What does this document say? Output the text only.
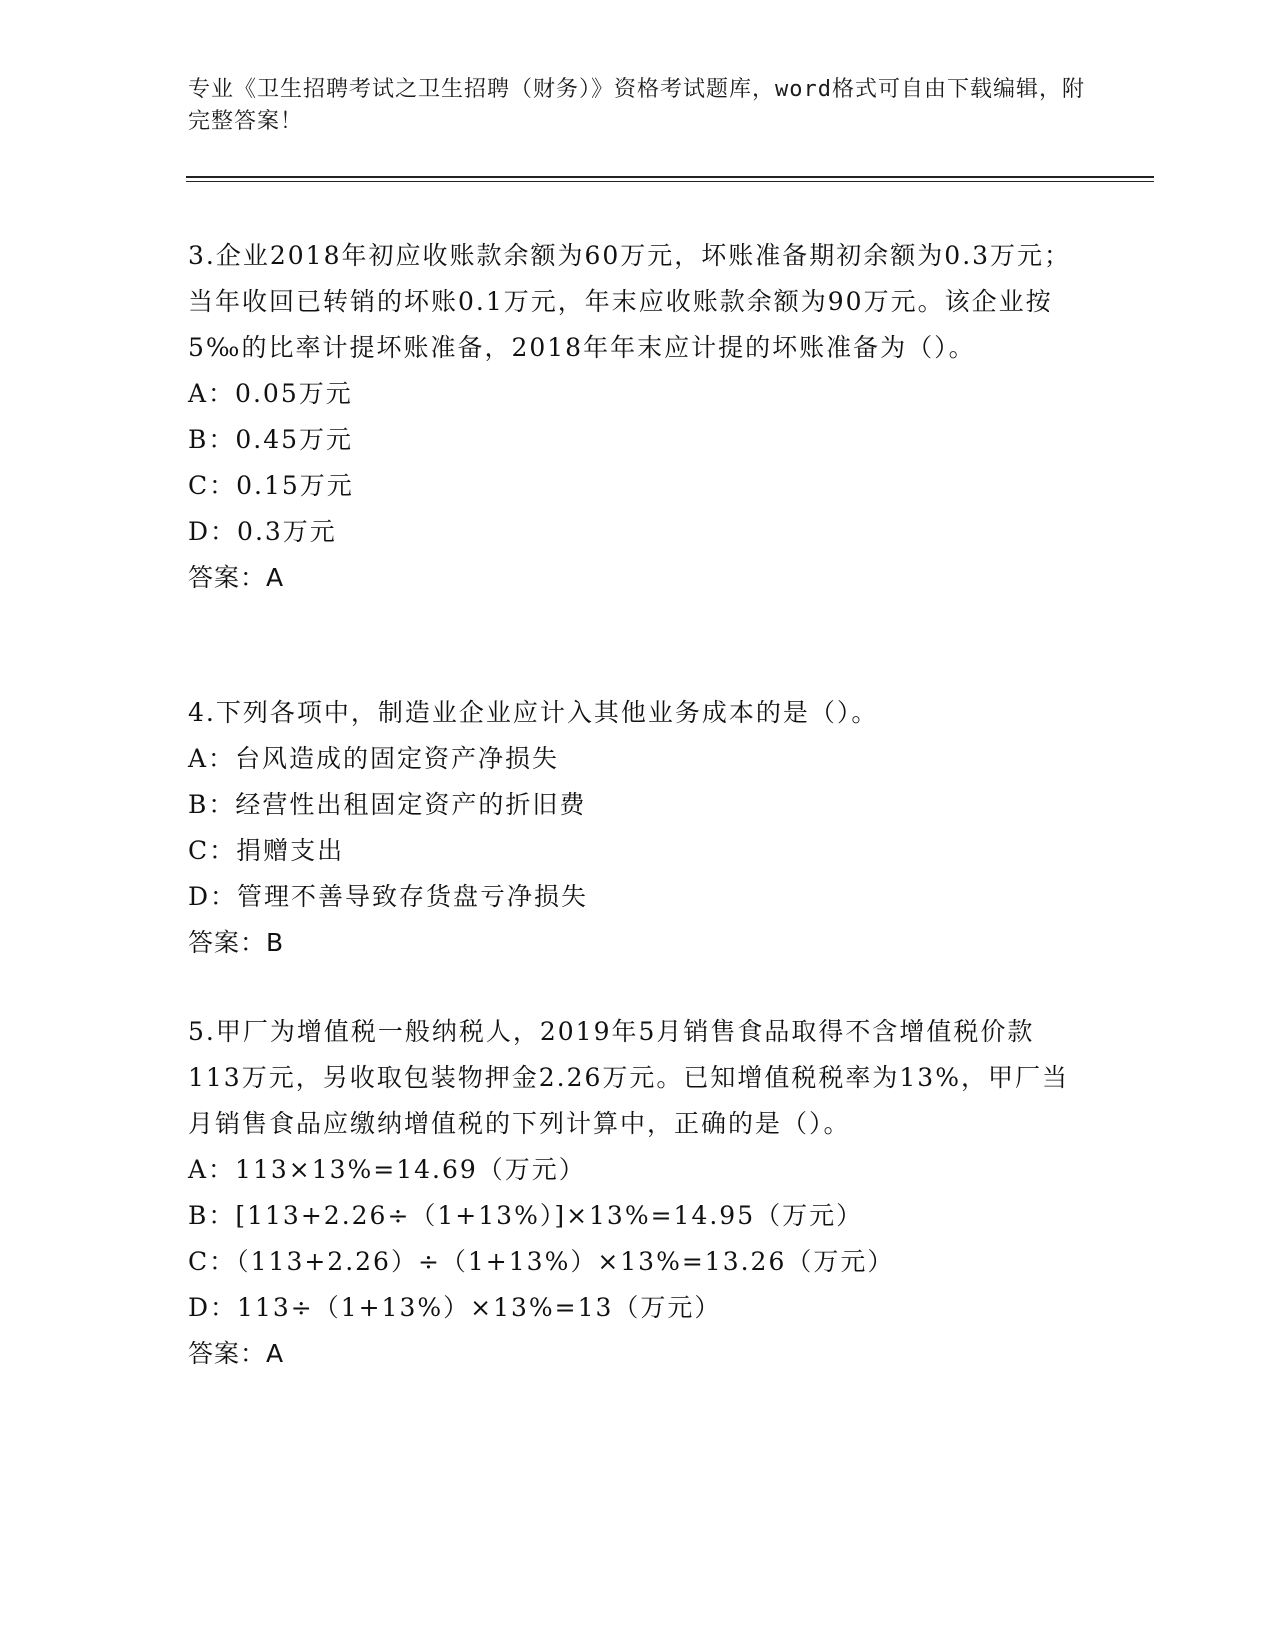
专业《卫生招聘考试之卫生招聘（财务）》资格考试题库，word格式可自由下载编辑，附完整答案！

3.企业2018年初应收账款余额为60万元，坏账准备期初余额为0.3万元；当年收回已转销的坏账0.1万元，年末应收账款余额为90万元。该企业按5‰的比率计提坏账准备，2018年年末应计提的坏账准备为（）。

A：0.05万元

B：0.45万元

C：0.15万元

D：0.3万元

答案：A

4.下列各项中，制造业企业应计入其他业务成本的是（）。

A：台风造成的固定资产净损失

B：经营性出租固定资产的折旧费

C：捐赠支出

D：管理不善导致存货盘亏净损失

答案：B

5.甲厂为增值税一般纳税人，2019年5月销售食品取得不含增值税价款113万元，另收取包装物押金2.26万元。已知增值税税率为13%，甲厂当月销售食品应缴纳增值税的下列计算中，正确的是（）。

A：113×13%=14.69（万元）

B：[113+2.26÷（1+13%）]×13%=14.95（万元）

C：（113+2.26）÷（1+13%）×13%=13.26（万元）

D：113÷（1+13%）×13%=13（万元）

答案：A
